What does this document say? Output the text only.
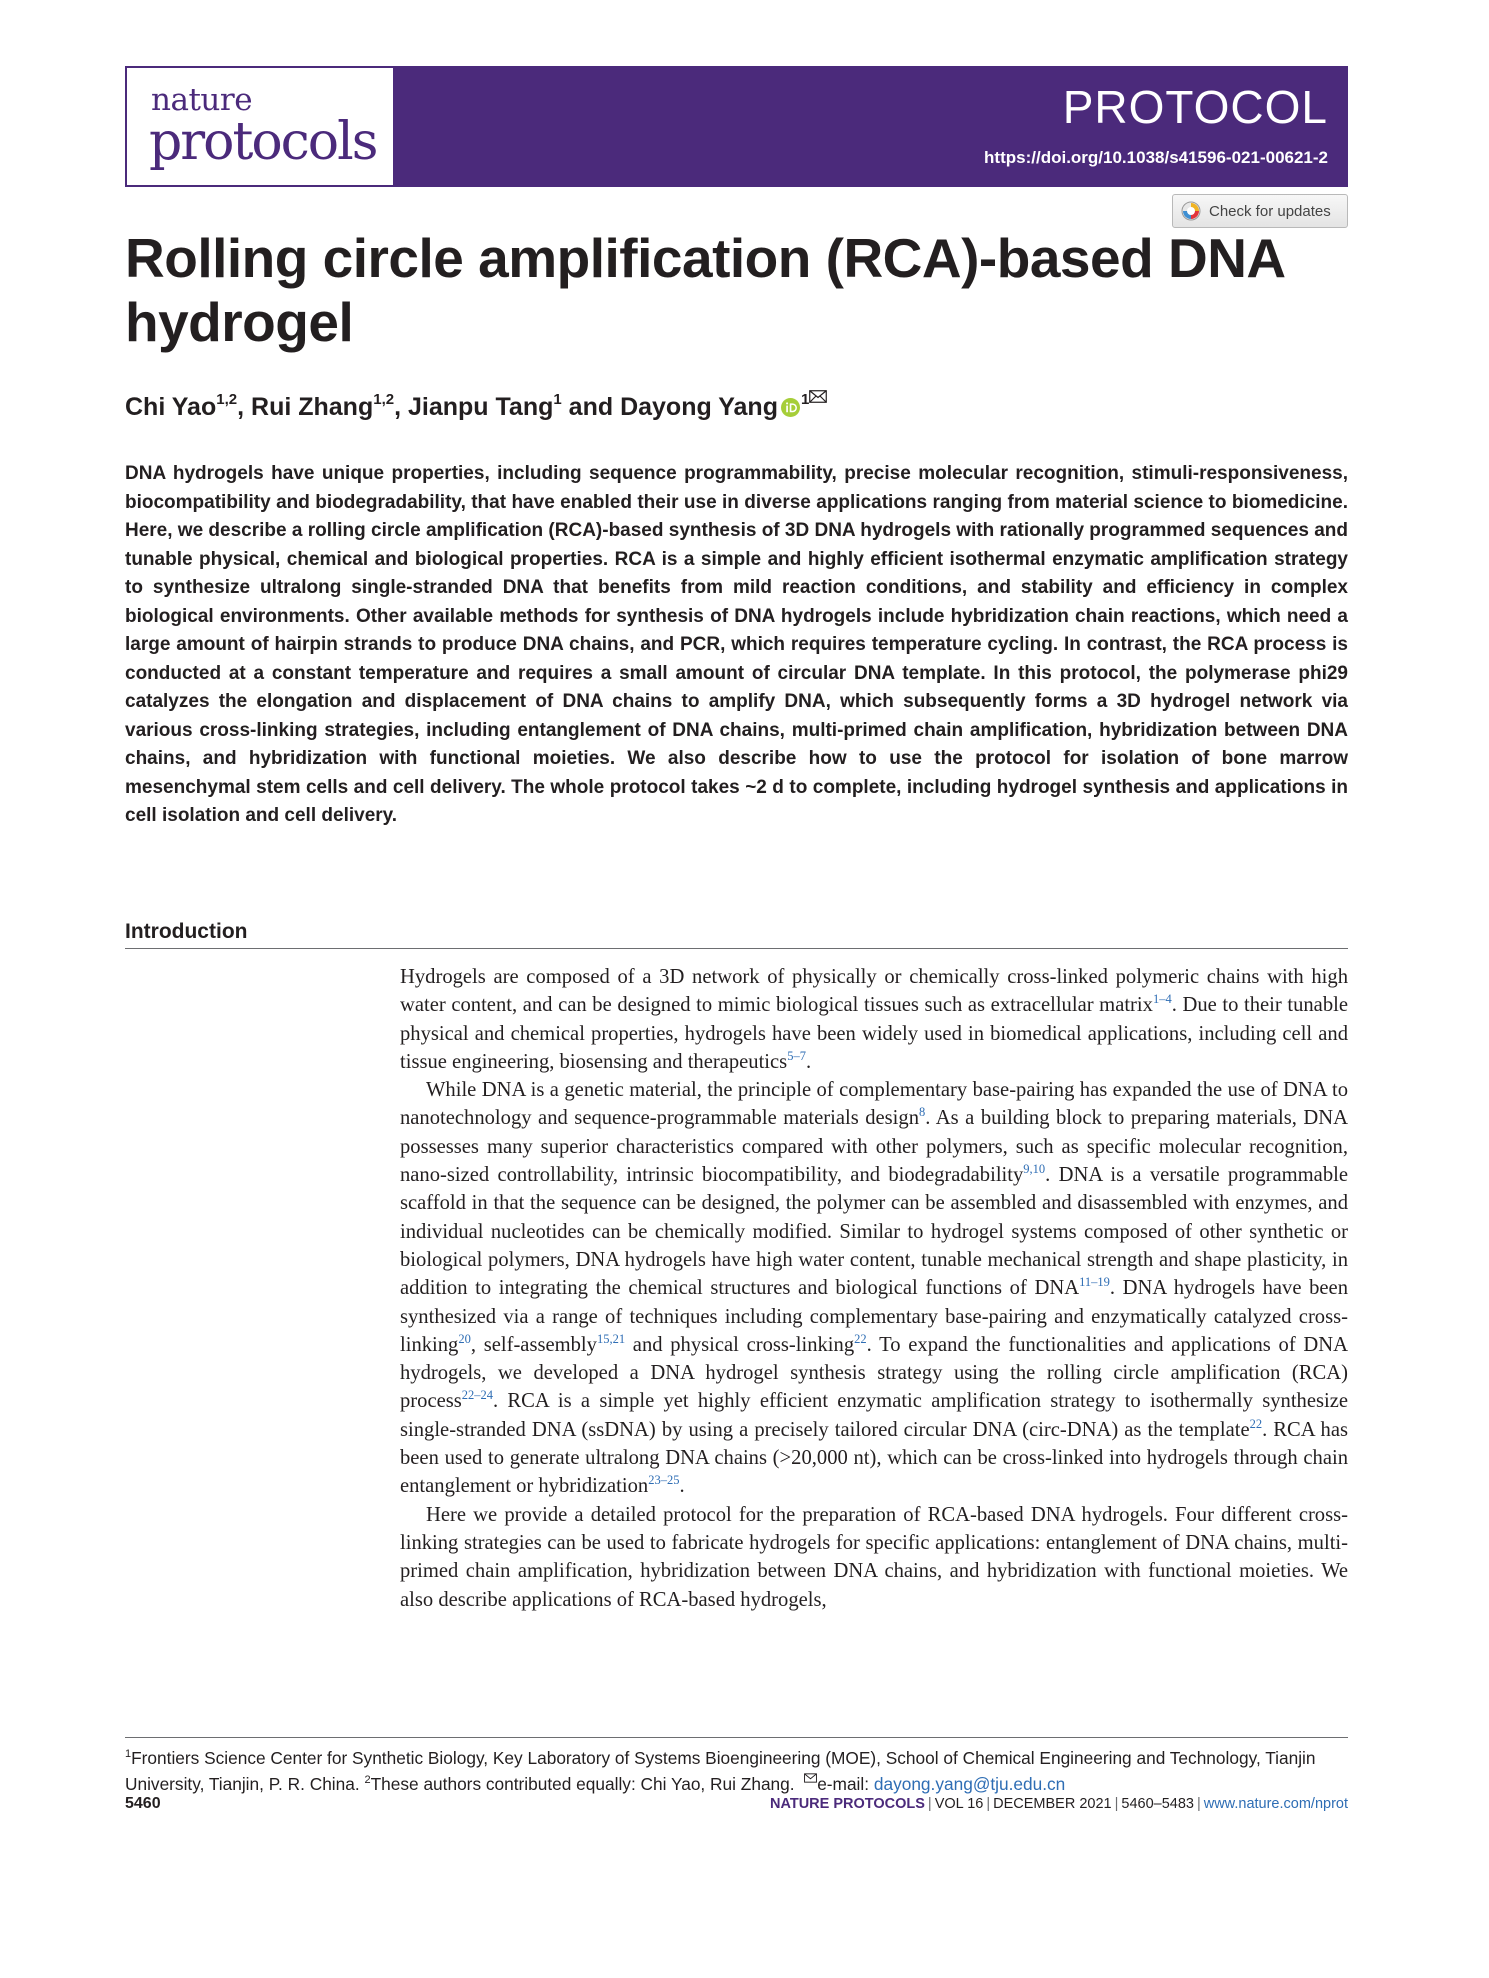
nature
protocols
PROTOCOL
https://doi.org/10.1038/s41596-021-00621-2
Check for updates
Rolling circle amplification (RCA)-based DNA hydrogel
Chi Yao$^{1,2}$, Rui Zhang$^{1,2}$, Jianpu Tang$^1$ and Dayong Yang $^1$

DNA hydrogels have unique properties, including sequence programmability, precise molecular recognition, stimuli-responsiveness, biocompatibility and biodegradability, that have enabled their use in diverse applications ranging from material science to biomedicine. Here, we describe a rolling circle amplification (RCA)-based synthesis of 3D DNA hydrogels with rationally programmed sequences and tunable physical, chemical and biological properties. RCA is a simple and highly efficient isothermal enzymatic amplification strategy to synthesize ultralong single-stranded DNA that benefits from mild reaction conditions, and stability and efficiency in complex biological environments. Other available methods for synthesis of DNA hydrogels include hybridization chain reactions, which need a large amount of hairpin strands to produce DNA chains, and PCR, which requires temperature cycling. In contrast, the RCA process is conducted at a constant temperature and requires a small amount of circular DNA template. In this protocol, the polymerase phi29 catalyzes the elongation and displacement of DNA chains to amplify DNA, which subsequently forms a 3D hydrogel network via various cross-linking strategies, including entanglement of DNA chains, multi-primed chain amplification, hybridization between DNA chains, and hybridization with functional moieties. We also describe how to use the protocol for isolation of bone marrow mesenchymal stem cells and cell delivery. The whole protocol takes ~2 d to complete, including hydrogel synthesis and applications in cell isolation and cell delivery.

Introduction

Hydrogels are composed of a 3D network of physically or chemically cross-linked polymeric chains with high water content, and can be designed to mimic biological tissues such as extracellular matrix$^{1-4}$. Due to their tunable physical and chemical properties, hydrogels have been widely used in biomedical applications, including cell and tissue engineering, biosensing and therapeutics$^{5-7}$.

While DNA is a genetic material, the principle of complementary base-pairing has expanded the use of DNA to nanotechnology and sequence-programmable materials design$^8$. As a building block to preparing materials, DNA possesses many superior characteristics compared with other polymers, such as specific molecular recognition, nano-sized controllability, intrinsic biocompatibility, and biodegradability$^{9,10}$. DNA is a versatile programmable scaffold in that the sequence can be designed, the polymer can be assembled and disassembled with enzymes, and individual nucleotides can be chemically modified. Similar to hydrogel systems composed of other synthetic or biological polymers, DNA hydrogels have high water content, tunable mechanical strength and shape plasticity, in addition to integrating the chemical structures and biological functions of DNA$^{11-19}$. DNA hydrogels have been synthesized via a range of techniques including complementary base-pairing and enzymatically catalyzed cross-linking$^{20}$, self-assembly$^{15,21}$ and physical cross-linking$^{22}$. To expand the functionalities and applications of DNA hydrogels, we developed a DNA hydrogel synthesis strategy using the rolling circle amplification (RCA) process$^{22-24}$. RCA is a simple yet highly efficient enzymatic amplification strategy to isothermally synthesize single-stranded DNA (ssDNA) by using a precisely tailored circular DNA (circ-DNA) as the template$^{22}$. RCA has been used to generate ultralong DNA chains (>20,000 nt), which can be cross-linked into hydrogels through chain entanglement or hybridization$^{23-25}$.

Here we provide a detailed protocol for the preparation of RCA-based DNA hydrogels. Four different cross-linking strategies can be used to fabricate hydrogels for specific applications: entanglement of DNA chains, multi-primed chain amplification, hybridization between DNA chains, and hybridization with functional moieties. We also describe applications of RCA-based hydrogels,

$^1$Frontiers Science Center for Synthetic Biology, Key Laboratory of Systems Bioengineering (MOE), School of Chemical Engineering and Technology, Tianjin University, Tianjin, P. R. China. $^2$These authors contributed equally: Chi Yao, Rui Zhang. e-mail: dayong.yang@tju.edu.cn
5460	NATURE PROTOCOLS | VOL 16 | DECEMBER 2021 | 5460–5483 | www.nature.com/nprot
